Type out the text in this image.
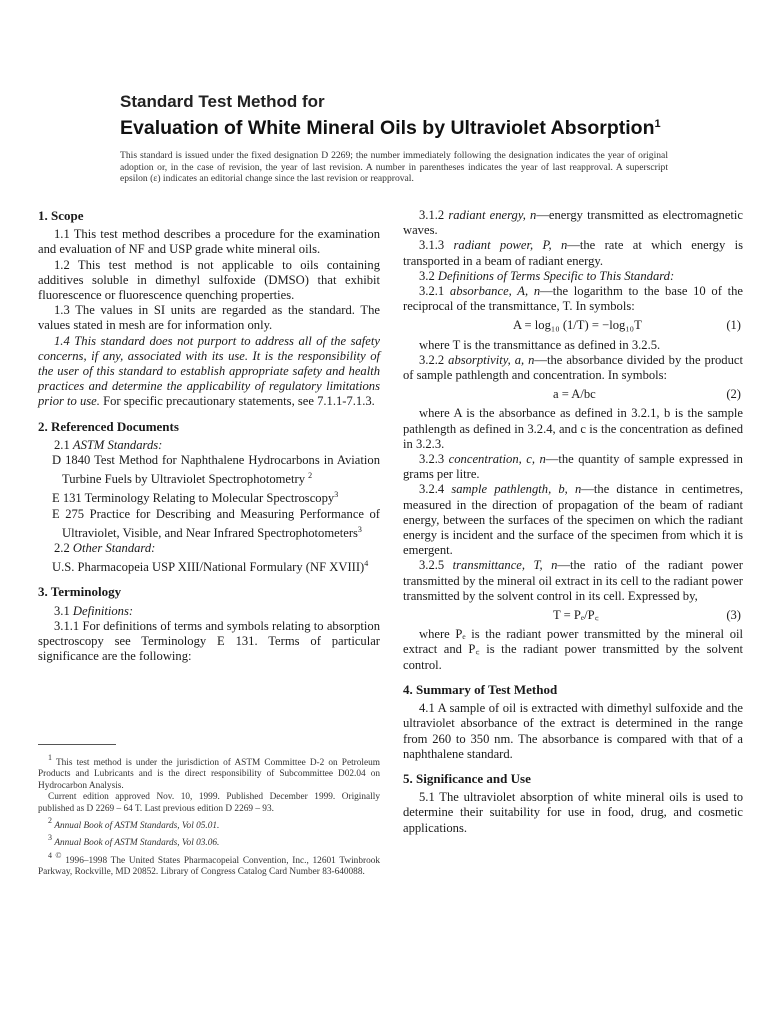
Standard Test Method for
Evaluation of White Mineral Oils by Ultraviolet Absorption$^1$
This standard is issued under the fixed designation D 2269; the number immediately following the designation indicates the year of original adoption or, in the case of revision, the year of last revision. A number in parentheses indicates the year of last reapproval. A superscript epsilon (ε) indicates an editorial change since the last revision or reapproval.
1. Scope

1.1 This test method describes a procedure for the examination and evaluation of NF and USP grade white mineral oils.

1.2 This test method is not applicable to oils containing additives soluble in dimethyl sulfoxide (DMSO) that exhibit fluorescence or fluorescence quenching properties.

1.3 The values in SI units are regarded as the standard. The values stated in mesh are for information only.

1.4 This standard does not purport to address all of the safety concerns, if any, associated with its use. It is the responsibility of the user of this standard to establish appropriate safety and health practices and determine the applicability of regulatory limitations prior to use. For specific precautionary statements, see 7.1.1-7.1.3.

2. Referenced Documents

2.1 ASTM Standards:

D 1840 Test Method for Naphthalene Hydrocarbons in Aviation Turbine Fuels by Ultraviolet Spectrophotometry $^2$

E 131 Terminology Relating to Molecular Spectroscopy$^3$

E 275 Practice for Describing and Measuring Performance of Ultraviolet, Visible, and Near Infrared Spectrophotometers$^3$

2.2 Other Standard:

U.S. Pharmacopeia USP XIII/National Formulary (NF XVIII)$^4$

3. Terminology

3.1 Definitions:

3.1.1 For definitions of terms and symbols relating to absorption spectroscopy see Terminology E 131. Terms of particular significance are the following:

3.1.2 radiant energy, n—energy transmitted as electromagnetic waves.

3.1.3 radiant power, P, n—the rate at which energy is transported in a beam of radiant energy.

3.2 Definitions of Terms Specific to This Standard:

3.2.1 absorbance, A, n—the logarithm to the base 10 of the reciprocal of the transmittance, T. In symbols:

A = log₁₀ (1/T) = −log₁₀T	(1)

where T is the transmittance as defined in 3.2.5.

3.2.2 absorptivity, a, n—the absorbance divided by the product of sample pathlength and concentration. In symbols:

a = A/bc	(2)

where A is the absorbance as defined in 3.2.1, b is the sample pathlength as defined in 3.2.4, and c is the concentration as defined in 3.2.3.

3.2.3 concentration, c, n—the quantity of sample expressed in grams per litre.

3.2.4 sample pathlength, b, n—the distance in centimetres, measured in the direction of propagation of the beam of radiant energy, between the surfaces of the specimen on which the radiant energy is incident and the surface of the specimen from which it is emergent.

3.2.5 transmittance, T, n—the ratio of the radiant power transmitted by the mineral oil extract in its cell to the radiant power transmitted by the solvent control in its cell. Expressed by,

T = Pₑ/P꜀	(3)

where Pₑ is the radiant power transmitted by the mineral oil extract and P꜀ is the radiant power transmitted by the solvent control.

4. Summary of Test Method

4.1 A sample of oil is extracted with dimethyl sulfoxide and the ultraviolet absorbance of the extract is determined in the range from 260 to 350 nm. The absorbance is compared with that of a naphthalene standard.

5. Significance and Use

5.1 The ultraviolet absorption of white mineral oils is used to determine their suitability for use in food, drug, and cosmetic applications.

$^1$ This test method is under the jurisdiction of ASTM Committee D-2 on Petroleum Products and Lubricants and is the direct responsibility of Subcommittee D02.04 on Hydrocarbon Analysis.

Current edition approved Nov. 10, 1999. Published December 1999. Originally published as D 2269 – 64 T. Last previous edition D 2269 – 93.

$^2$ Annual Book of ASTM Standards, Vol 05.01.

$^3$ Annual Book of ASTM Standards, Vol 03.06.

$^{4 ©}$ 1996–1998 The United States Pharmacopeial Convention, Inc., 12601 Twinbrook Parkway, Rockville, MD 20852. Library of Congress Catalog Card Number 83-640088.
